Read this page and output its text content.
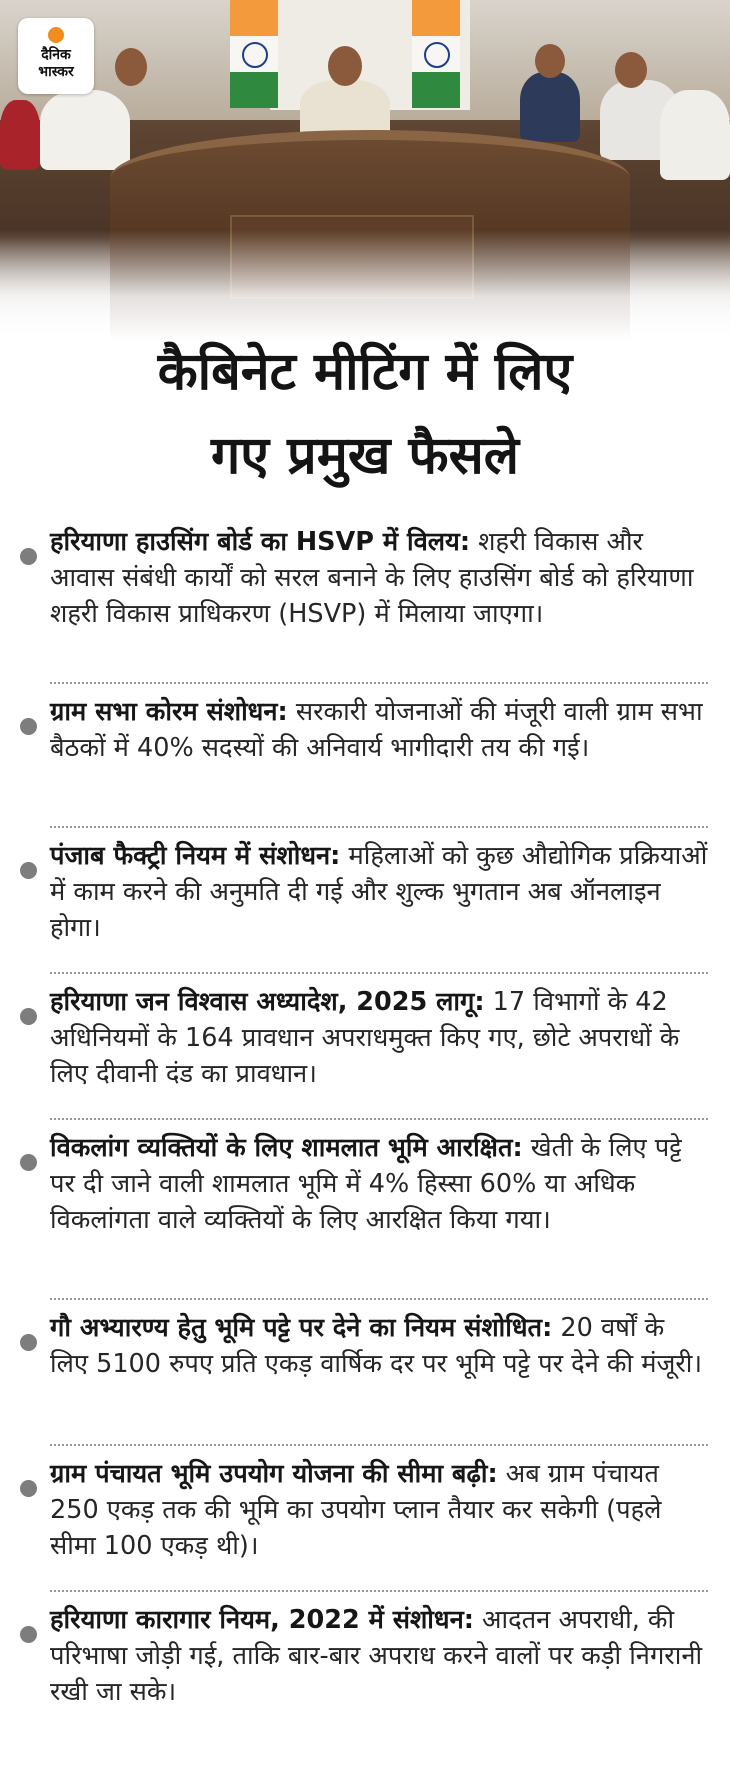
दैनिक
भास्कर
कैबिनेट मीटिंग में लिए
गए प्रमुख फैसले
हरियाणा हाउसिंग बोर्ड का HSVP में विलय: शहरी विकास और आवास संबंधी कार्यों को सरल बनाने के लिए हाउसिंग बोर्ड को हरियाणा शहरी विकास प्राधिकरण (HSVP) में मिलाया जाएगा।
ग्राम सभा कोरम संशोधन: सरकारी योजनाओं की मंजूरी वाली ग्राम सभा बैठकों में 40% सदस्यों की अनिवार्य भागीदारी तय की गई।
पंजाब फैक्ट्री नियम में संशोधन: महिलाओं को कुछ औद्योगिक प्रक्रियाओं में काम करने की अनुमति दी गई और शुल्क भुगतान अब ऑनलाइन होगा।
हरियाणा जन विश्वास अध्यादेश, 2025 लागू: 17 विभागों के 42 अधिनियमों के 164 प्रावधान अपराधमुक्त किए गए, छोटे अपराधों के लिए दीवानी दंड का प्रावधान।
विकलांग व्यक्तियों के लिए शामलात भूमि आरक्षित: खेती के लिए पट्टे पर दी जाने वाली शामलात भूमि में 4% हिस्सा 60% या अधिक विकलांगता वाले व्यक्तियों के लिए आरक्षित किया गया।
गौ अभ्यारण्य हेतु भूमि पट्टे पर देने का नियम संशोधित: 20 वर्षों के लिए 5100 रुपए प्रति एकड़ वार्षिक दर पर भूमि पट्टे पर देने की मंजूरी।
ग्राम पंचायत भूमि उपयोग योजना की सीमा बढ़ी: अब ग्राम पंचायत 250 एकड़ तक की भूमि का उपयोग प्लान तैयार कर सकेगी (पहले सीमा 100 एकड़ थी)।
हरियाणा कारागार नियम, 2022 में संशोधन: आदतन अपराधी, की परिभाषा जोड़ी गई, ताकि बार-बार अपराध करने वालों पर कड़ी निगरानी रखी जा सके।
